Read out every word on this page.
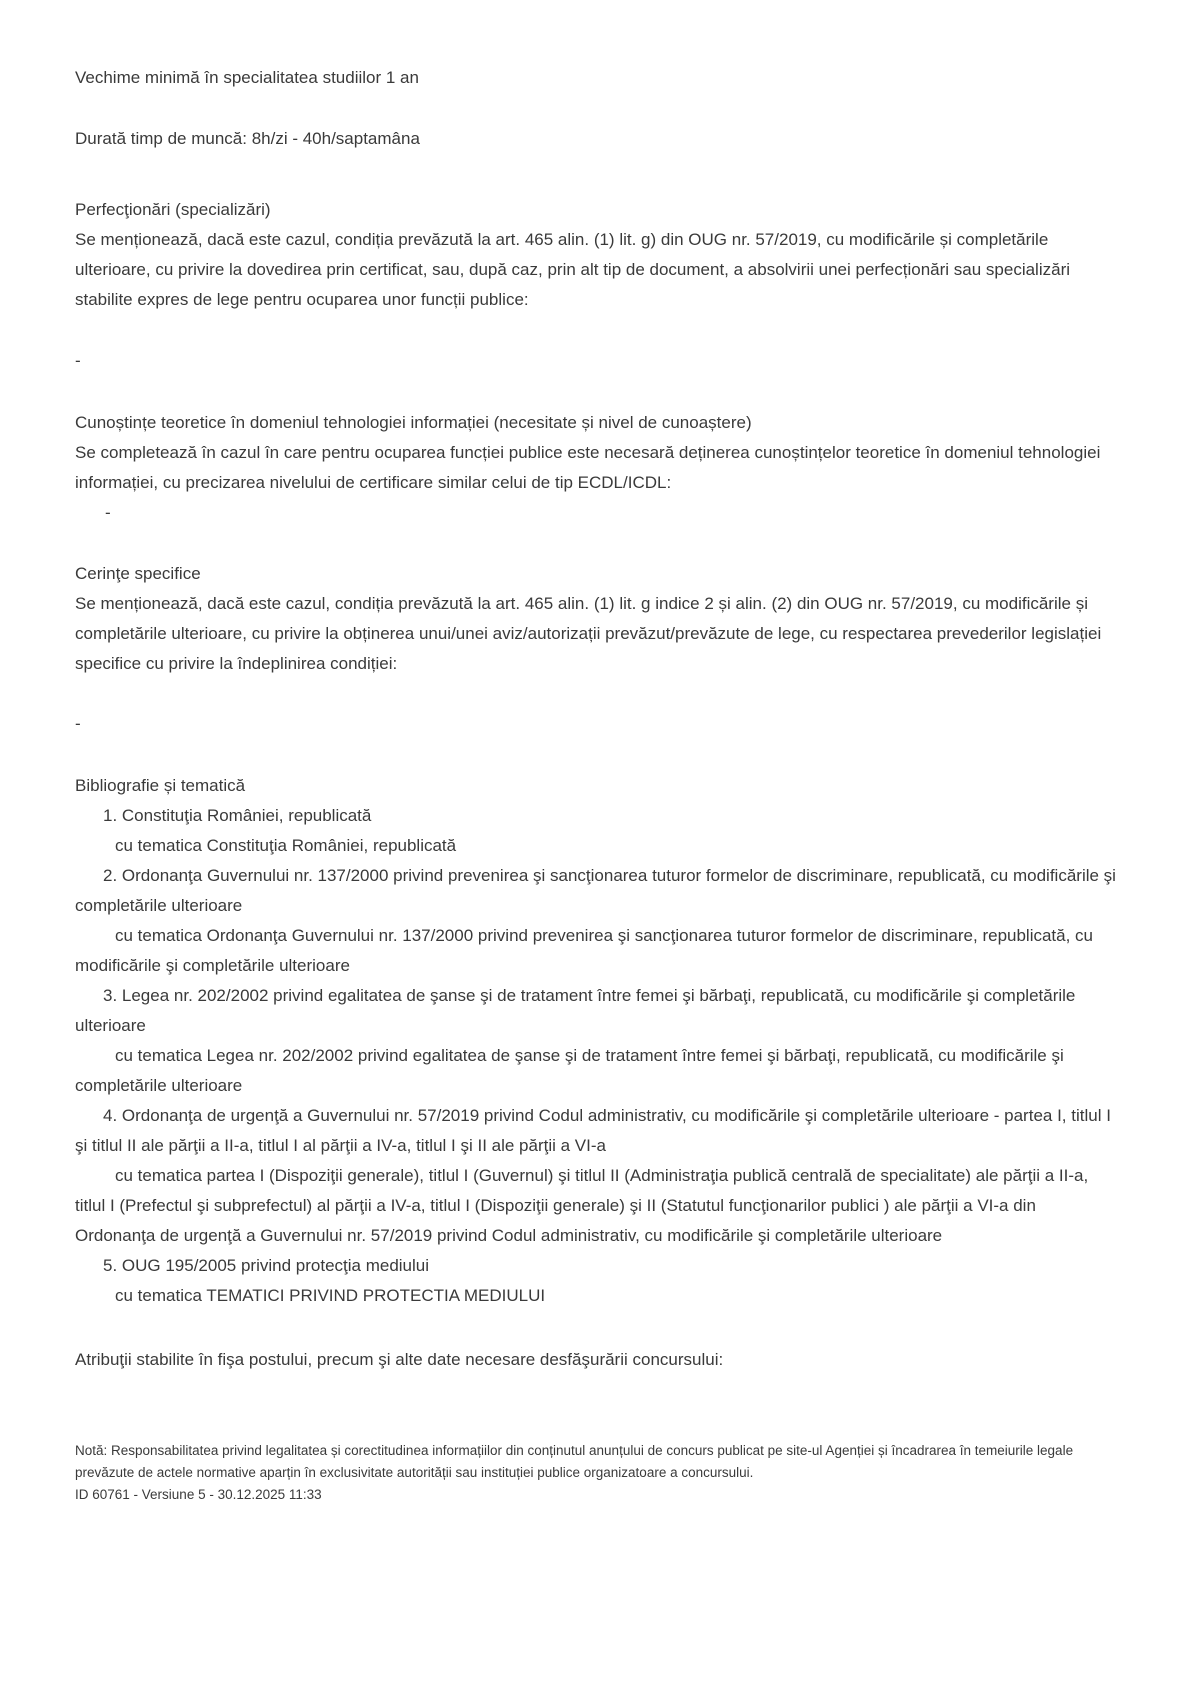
Vechime minimă în specialitatea studiilor 1 an
Durată timp de muncă: 8h/zi - 40h/saptamâna
Perfecţionări (specializări)
Se menționează, dacă este cazul, condiția prevăzută la art. 465 alin. (1) lit. g) din OUG nr. 57/2019, cu modificările și completările ulterioare, cu privire la dovedirea prin certificat, sau, după caz, prin alt tip de document, a absolvirii unei perfecționări sau specializări stabilite expres de lege pentru ocuparea unor funcții publice:
-
Cunoștințe teoretice în domeniul tehnologiei informației (necesitate și nivel de cunoaștere)
Se completează în cazul în care pentru ocuparea funcției publice este necesară deținerea cunoștințelor teoretice în domeniul tehnologiei informației, cu precizarea nivelului de certificare similar celui de tip ECDL/ICDL:
-
Cerinţe specifice
Se menționează, dacă este cazul, condiția prevăzută la art. 465 alin. (1) lit. g indice 2 și alin. (2) din OUG nr. 57/2019, cu modificările și completările ulterioare, cu privire la obținerea unui/unei aviz/autorizații prevăzut/prevăzute de lege, cu respectarea prevederilor legislației specifice cu privire la îndeplinirea condiției:
-
Bibliografie și tematică
1. Constituţia României, republicată
cu tematica Constituţia României, republicată
2. Ordonanţa Guvernului nr. 137/2000 privind prevenirea şi sancţionarea tuturor formelor de discriminare, republicată, cu modificările şi completările ulterioare
cu tematica Ordonanţa Guvernului nr. 137/2000 privind prevenirea şi sancţionarea tuturor formelor de discriminare, republicată, cu modificările şi completările ulterioare
3. Legea nr. 202/2002 privind egalitatea de şanse şi de tratament între femei şi bărbaţi, republicată, cu modificările şi completările ulterioare
cu tematica Legea nr. 202/2002 privind egalitatea de şanse şi de tratament între femei şi bărbaţi, republicată, cu modificările şi completările ulterioare
4. Ordonanţa de urgenţă a Guvernului nr. 57/2019 privind Codul administrativ, cu modificările şi completările ulterioare - partea I, titlul I şi titlul II ale părţii a II-a, titlul I al părţii a IV-a, titlul I şi II ale părţii a VI-a
cu tematica partea I (Dispoziţii generale), titlul I (Guvernul) şi titlul II (Administraţia publică centrală de specialitate) ale părţii a II-a, titlul I (Prefectul şi subprefectul) al părţii a IV-a, titlul I (Dispoziţii generale) şi II (Statutul funcţionarilor publici ) ale părţii a VI-a din Ordonanţa de urgenţă a Guvernului nr. 57/2019 privind Codul administrativ, cu modificările şi completările ulterioare
5. OUG 195/2005 privind protecţia mediului
cu tematica TEMATICI PRIVIND PROTECTIA MEDIULUI
Atribuţii stabilite în fişa postului, precum şi alte date necesare desfăşurării concursului:
Notă: Responsabilitatea privind legalitatea și corectitudinea informațiilor din conținutul anunțului de concurs publicat pe site-ul Agenției și încadrarea în temeiurile legale prevăzute de actele normative aparțin în exclusivitate autorității sau instituției publice organizatoare a concursului.
ID 60761 - Versiune 5 - 30.12.2025 11:33
